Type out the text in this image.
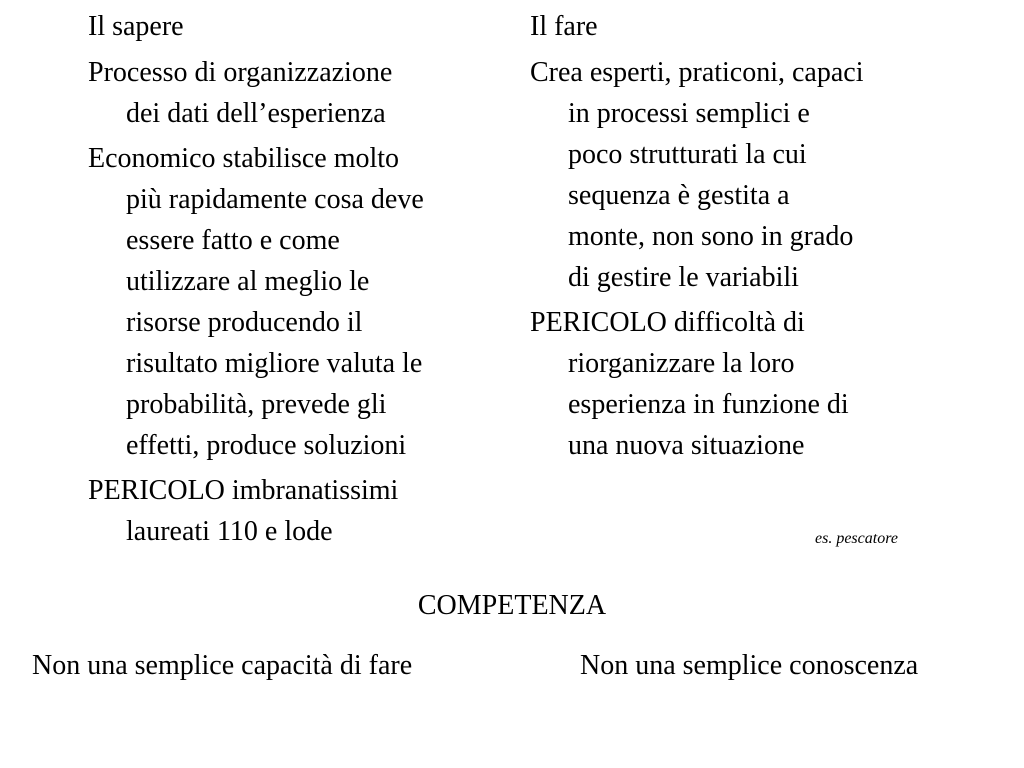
Il sapere
Processo di organizzazione
dei dati dell’esperienza
Economico stabilisce molto
più rapidamente cosa deve
essere fatto e come
utilizzare al meglio le
risorse producendo il
risultato migliore valuta le
probabilità, prevede gli
effetti, produce soluzioni
PERICOLO imbranatissimi
laureati 110 e lode
Il fare
Crea esperti, praticoni, capaci
in processi semplici e
poco strutturati la cui
sequenza è gestita a
monte, non sono in grado
di gestire le variabili
PERICOLO difficoltà di
riorganizzare la loro
esperienza in funzione di
una nuova situazione
es. pescatore
COMPETENZA
Non una semplice capacità di fare	Non una semplice conoscenza
